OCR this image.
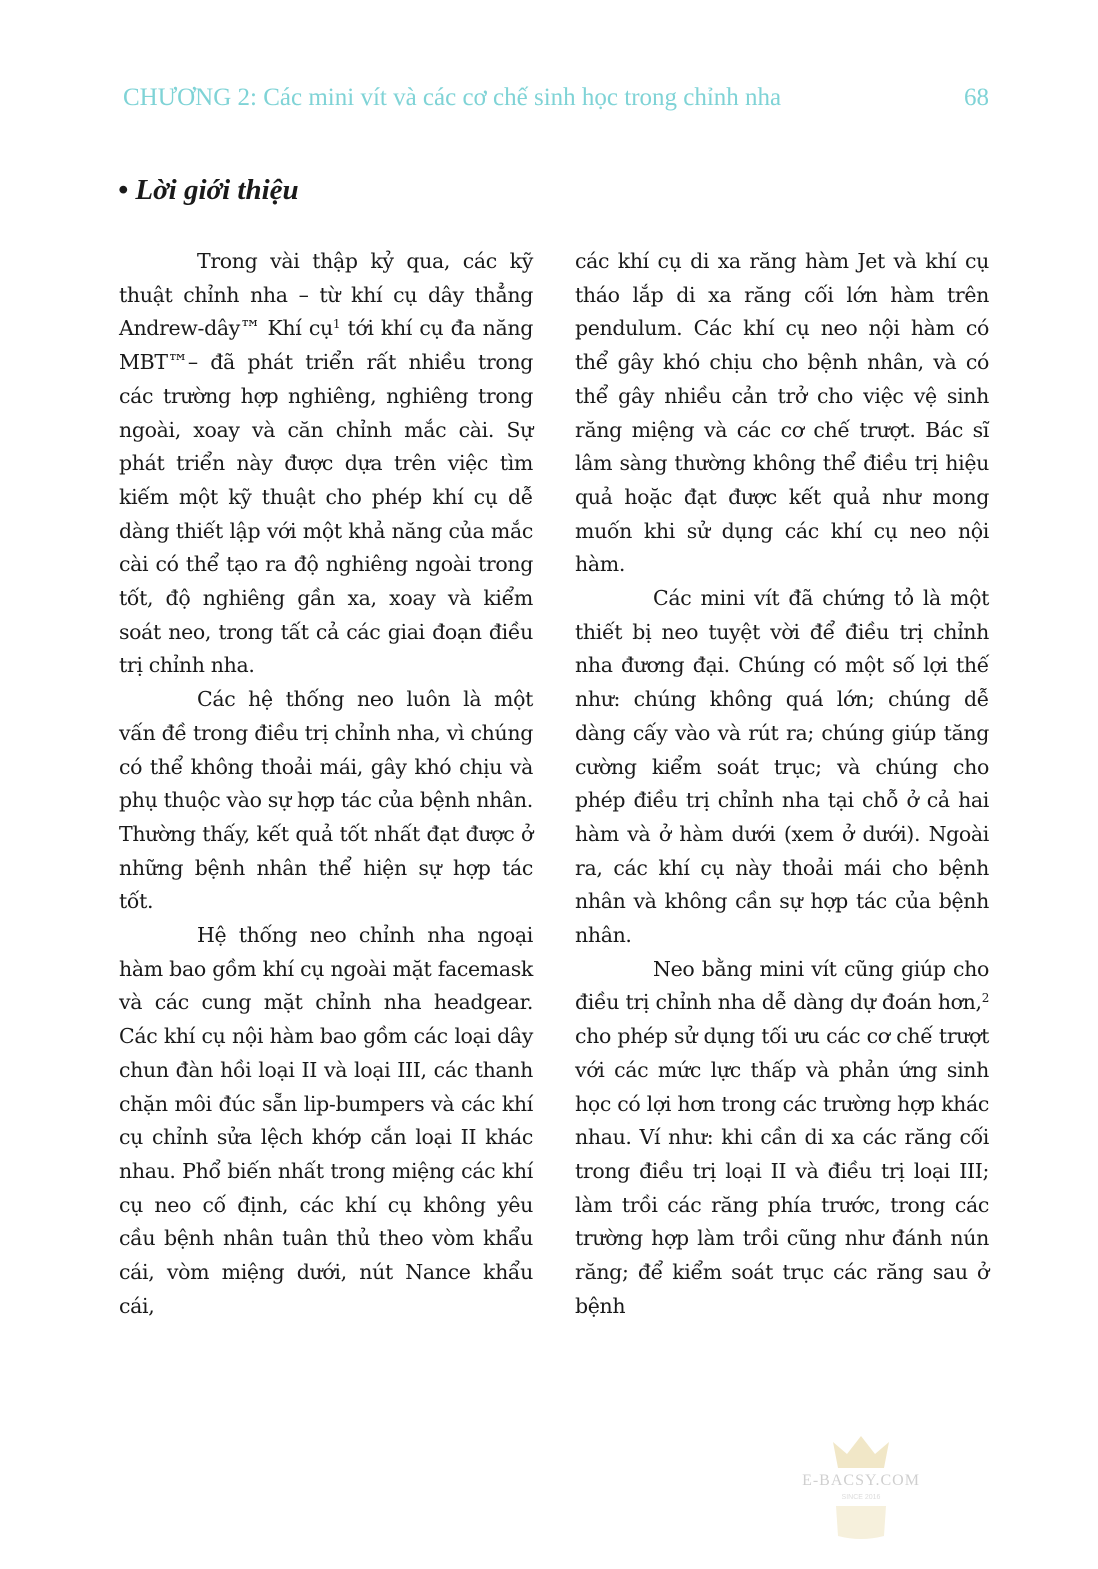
CHƯƠNG 2: Các mini vít và các cơ chế sinh học trong chỉnh nha	68
• Lời giới thiệu

Trong vài thập kỷ qua, các kỹ thuật chỉnh nha – từ khí cụ dây thẳng Andrew-dây™ Khí cụ$^1$ tới khí cụ đa năng MBT™– đã phát triển rất nhiều trong các trường hợp nghiêng, nghiêng trong ngoài, xoay và căn chỉnh mắc cài. Sự phát triển này được dựa trên việc tìm kiếm một kỹ thuật cho phép khí cụ dễ dàng thiết lập với một khả năng của mắc cài có thể tạo ra độ nghiêng ngoài trong tốt, độ nghiêng gần xa, xoay và kiểm soát neo, trong tất cả các giai đoạn điều trị chỉnh nha.

Các hệ thống neo luôn là một vấn đề trong điều trị chỉnh nha, vì chúng có thể không thoải mái, gây khó chịu và phụ thuộc vào sự hợp tác của bệnh nhân.

Thường thấy, kết quả tốt nhất đạt được ở những bệnh nhân thể hiện sự hợp tác tốt.

Hệ thống neo chỉnh nha ngoại hàm bao gồm khí cụ ngoài mặt facemask và các cung mặt chỉnh nha headgear. Các khí cụ nội hàm bao gồm các loại dây chun đàn hồi loại II và loại III, các thanh chặn môi đúc sẵn lip-bumpers và các khí cụ chỉnh sửa lệch khớp cắn loại II khác nhau. Phổ biến nhất trong miệng các khí cụ neo cố định, các khí cụ không yêu cầu bệnh nhân tuân thủ theo vòm khẩu cái, vòm miệng dưới, nút Nance khẩu cái,

các khí cụ di xa răng hàm Jet và khí cụ tháo lắp di xa răng cối lớn hàm trên pendulum. Các khí cụ neo nội hàm có thể gây khó chịu cho bệnh nhân, và có thể gây nhiều cản trở cho việc vệ sinh răng miệng và các cơ chế trượt. Bác sĩ lâm sàng thường không thể điều trị hiệu quả hoặc đạt được kết quả như mong muốn khi sử dụng các khí cụ neo nội hàm.

Các mini vít đã chứng tỏ là một thiết bị neo tuyệt vời để điều trị chỉnh nha đương đại. Chúng có một số lợi thế như: chúng không quá lớn; chúng dễ dàng cấy vào và rút ra; chúng giúp tăng cường kiểm soát trục; và chúng cho phép điều trị chỉnh nha tại chỗ ở cả hai hàm và ở hàm dưới (xem ở dưới). Ngoài ra, các khí cụ này thoải mái cho bệnh nhân và không cần sự hợp tác của bệnh nhân.

Neo bằng mini vít cũng giúp cho điều trị chỉnh nha dễ dàng dự đoán hơn,$^2$ cho phép sử dụng tối ưu các cơ chế trượt với các mức lực thấp và phản ứng sinh học có lợi hơn trong các trường hợp khác nhau. Ví như: khi cần di xa các răng cối trong điều trị loại II và điều trị loại III; làm trồi các răng phía trước, trong các trường hợp làm trồi cũng như đánh nún răng; để kiểm soát trục các răng sau ở bệnh

E-BACSY.COM
SINCE 2016
